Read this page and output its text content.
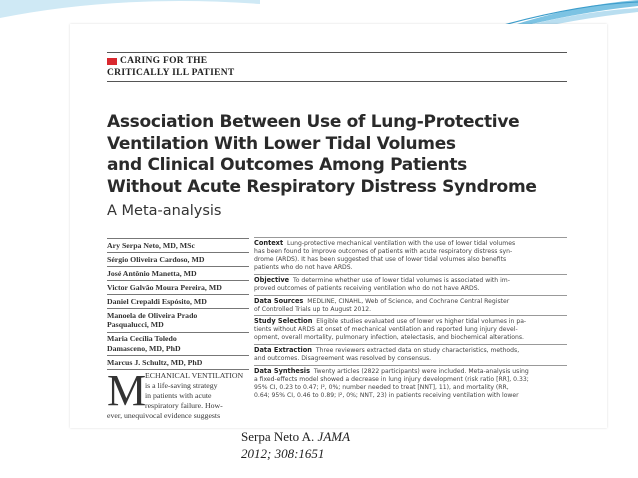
CARING FOR THE
CRITICALLY ILL PATIENT
Association Between Use of Lung-Protective
Ventilation With Lower Tidal Volumes
and Clinical Outcomes Among Patients
Without Acute Respiratory Distress Syndrome
A Meta-analysis
Ary Serpa Neto, MD, MSc
Sérgio Oliveira Cardoso, MD
José Antônio Manetta, MD
Victor Galvão Moura Pereira, MD
Daniel Crepaldi Espósito, MD
Manoela de Oliveira Prado
Pasqualucci, MD
Maria Cecília Toledo
Damasceno, MD, PhD
Marcus J. Schultz, MD, PhD
M
ECHANICAL VENTILATION
is a life-saving strategy
in patients with acute
respiratory failure. How-
ever, unequivocal evidence suggests
Context Lung-protective mechanical ventilation with the use of lower tidal volumes
has been found to improve outcomes of patients with acute respiratory distress syn-
drome (ARDS). It has been suggested that use of lower tidal volumes also benefits
patients who do not have ARDS.
Objective To determine whether use of lower tidal volumes is associated with im-
proved outcomes of patients receiving ventilation who do not have ARDS.
Data Sources MEDLINE, CINAHL, Web of Science, and Cochrane Central Register
of Controlled Trials up to August 2012.
Study Selection Eligible studies evaluated use of lower vs higher tidal volumes in pa-
tients without ARDS at onset of mechanical ventilation and reported lung injury devel-
opment, overall mortality, pulmonary infection, atelectasis, and biochemical alterations.
Data Extraction Three reviewers extracted data on study characteristics, methods,
and outcomes. Disagreement was resolved by consensus.
Data Synthesis Twenty articles (2822 participants) were included. Meta-analysis using
a fixed-effects model showed a decrease in lung injury development (risk ratio [RR], 0.33;
95% CI, 0.23 to 0.47; I², 0%; number needed to treat [NNT], 11), and mortality (RR,
0.64; 95% CI, 0.46 to 0.89; I², 0%; NNT, 23) in patients receiving ventilation with lower
Serpa Neto A. JAMA
2012; 308:1651
